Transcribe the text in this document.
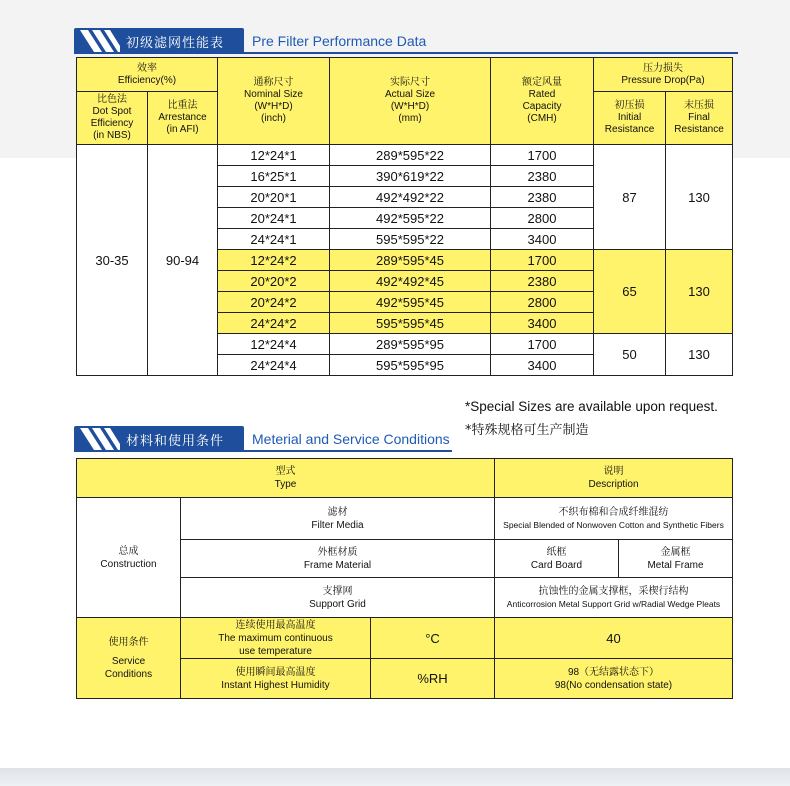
初级滤网性能表 Pre Filter Performance Data
效率
Efficiency(%)		通称尺寸
Nominal Size
(W*H*D)
(inch)	实际尺寸
Actual Size
(W*H*D)
(mm)	额定风量
Rated
Capacity
(CMH)	压力损失
Pressure Drop(Pa)	

比色法
Dot Spot
Efficiency
(in NBS)	比重法
Arrestance
(in AFI)				初压损
Initial
Resistance	末压损
Final
Resistance

30-35	90-94	12*24*1	289*595*22	1700	87	130
		16*25*1	390*619*22	2380		
		20*20*1	492*492*22	2380		
		20*24*1	492*595*22	2800		
		24*24*1	595*595*22	3400		
		12*24*2	289*595*45	1700	65	130
		20*20*2	492*492*45	2380		
		20*24*2	492*595*45	2800		
		24*24*2	595*595*45	3400		
		12*24*4	289*595*95	1700	50	130
		24*24*4	595*595*95	3400		
*Special Sizes are available upon request.
*特殊规格可生产制造
材料和使用条件 Meterial and Service Conditions
型式
Type			说明
Description	

总成
Construction	滤材
Filter Media		不织布棉和合成纤维混纺
Special Blended of Nonwoven Cotton and Synthetic Fibers	

	外框材质
Frame Material		纸框
Card Board	金属框
Metal Frame

	支撑网
Support Grid		抗蚀性的金属支撑框，采楔行结构
Anticorrosion Metal Support Grid w/Radial Wedge Pleats	

使用条件
Service
Conditions	连续使用最高温度
The maximum continuous
use temperature	°C	40	

	使用瞬间最高温度
Instant Highest Humidity	%RH	98（无结露状态下）
98(No condensation state)	
